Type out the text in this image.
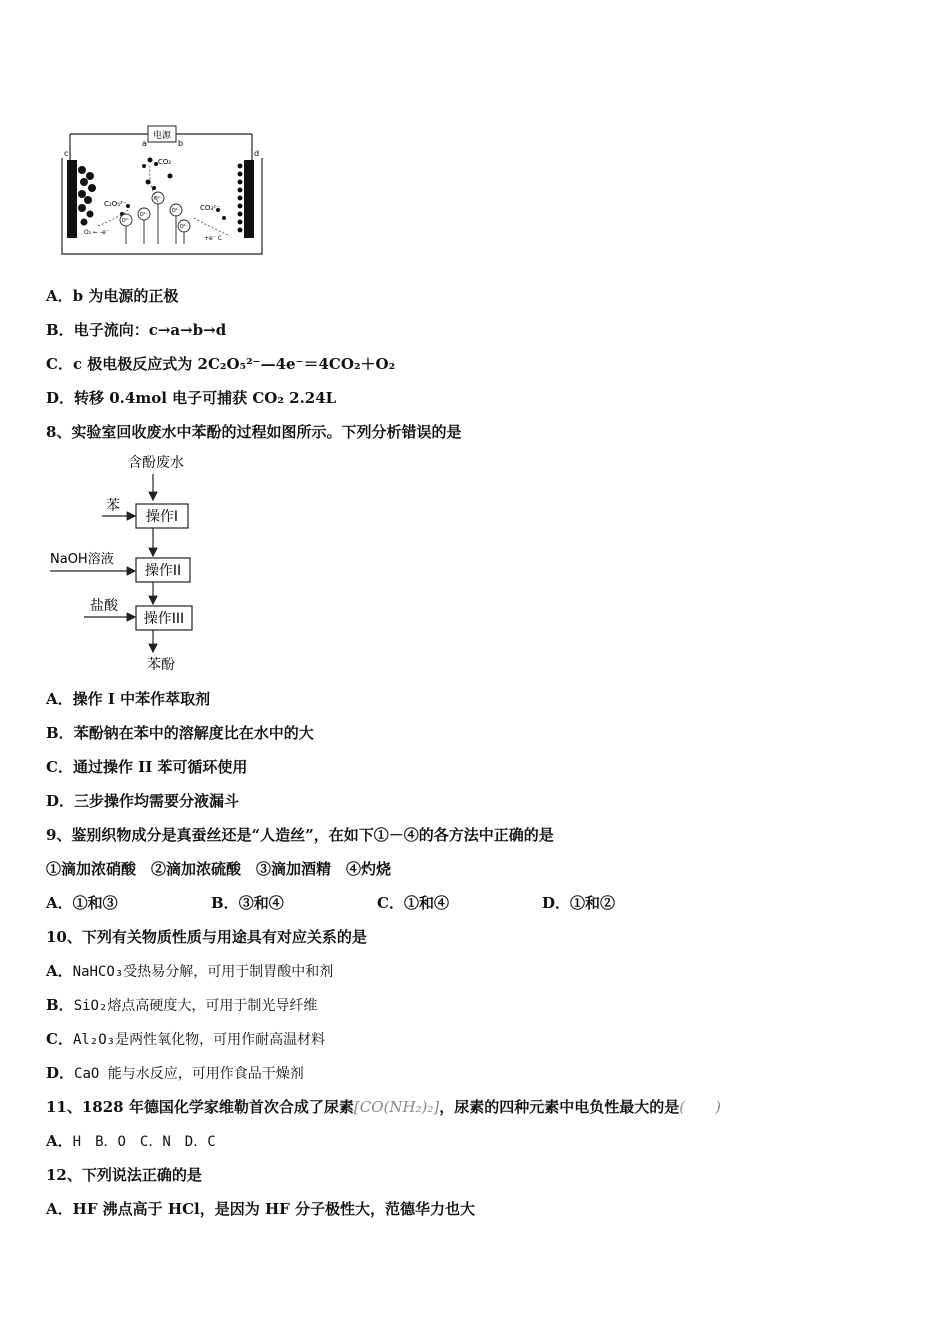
电源
a	b
c	d
CO₂
C₂O₅²⁻	CO₃²⁻
O₂ ← -e⁻
+e⁻ C
O²⁻
O²⁻
O²⁻
O²⁻
O²⁻
A．b 为电源的正极
B．电子流向：c→a→b→d
C．c 极电极反应式为 2C₂O₅²⁻—4e⁻＝4CO₂＋O₂
D．转移 0.4mol 电子可捕获 CO₂ 2.24L
8、实验室回收废水中苯酚的过程如图所示。下列分析错误的是
含酚废水
苯
操作I
NaOH溶液
操作II
盐酸
操作III
苯酚
A．操作 I 中苯作萃取剂
B．苯酚钠在苯中的溶解度比在水中的大
C．通过操作 II 苯可循环使用
D．三步操作均需要分液漏斗
9、鉴别织物成分是真蚕丝还是“人造丝”，在如下①－④的各方法中正确的是
①滴加浓硝酸　②滴加浓硫酸　③滴加酒精　④灼烧
A．①和③	B．③和④	C．①和④	D．①和②
10、下列有关物质性质与用途具有对应关系的是
A．NaHCO₃受热易分解，可用于制胃酸中和剂
B．SiO₂熔点高硬度大，可用于制光导纤维
C．Al₂O₃是两性氧化物，可用作耐高温材料
D．CaO 能与水反应，可用作食品干燥剂
11、1828 年德国化学家维勒首次合成了尿素[CO(NH₂)₂]，尿素的四种元素中电负性最大的是(　　)
A．H　B．O　C．N　D．C
12、下列说法正确的是
A．HF 沸点高于 HCl，是因为 HF 分子极性大，范德华力也大
